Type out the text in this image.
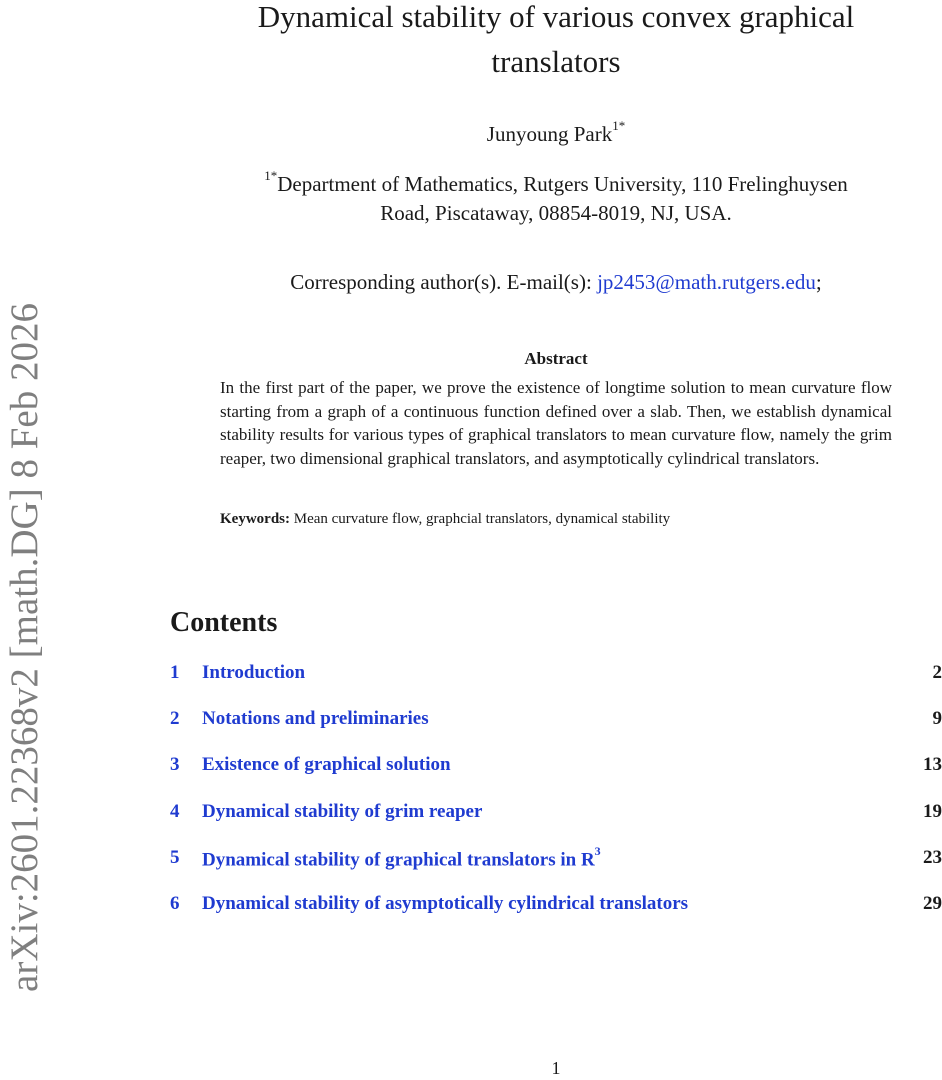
arXiv:2601.22368v2 [math.DG] 8 Feb 2026
Dynamical stability of various convex graphical
translators
Junyoung Park$^{1*}$
$^{1*}$Department of Mathematics, Rutgers University, 110 Frelinghuysen
Road, Piscataway, 08854-8019, NJ, USA.
Corresponding author(s). E-mail(s): jp2453@math.rutgers.edu;
Abstract
In the first part of the paper, we prove the existence of longtime solution to mean curvature flow starting from a graph of a continuous function defined over a slab. Then, we establish dynamical stability results for various types of graphical translators to mean curvature flow, namely the grim reaper, two dimensional graphical translators, and asymptotically cylindrical translators.
Keywords: Mean curvature flow, graphcial translators, dynamical stability
Contents
1 Introduction	2
2 Notations and preliminaries	9
3 Existence of graphical solution	13
4 Dynamical stability of grim reaper	19
5 Dynamical stability of graphical translators in $R^3$	23
6 Dynamical stability of asymptotically cylindrical translators	29
1
